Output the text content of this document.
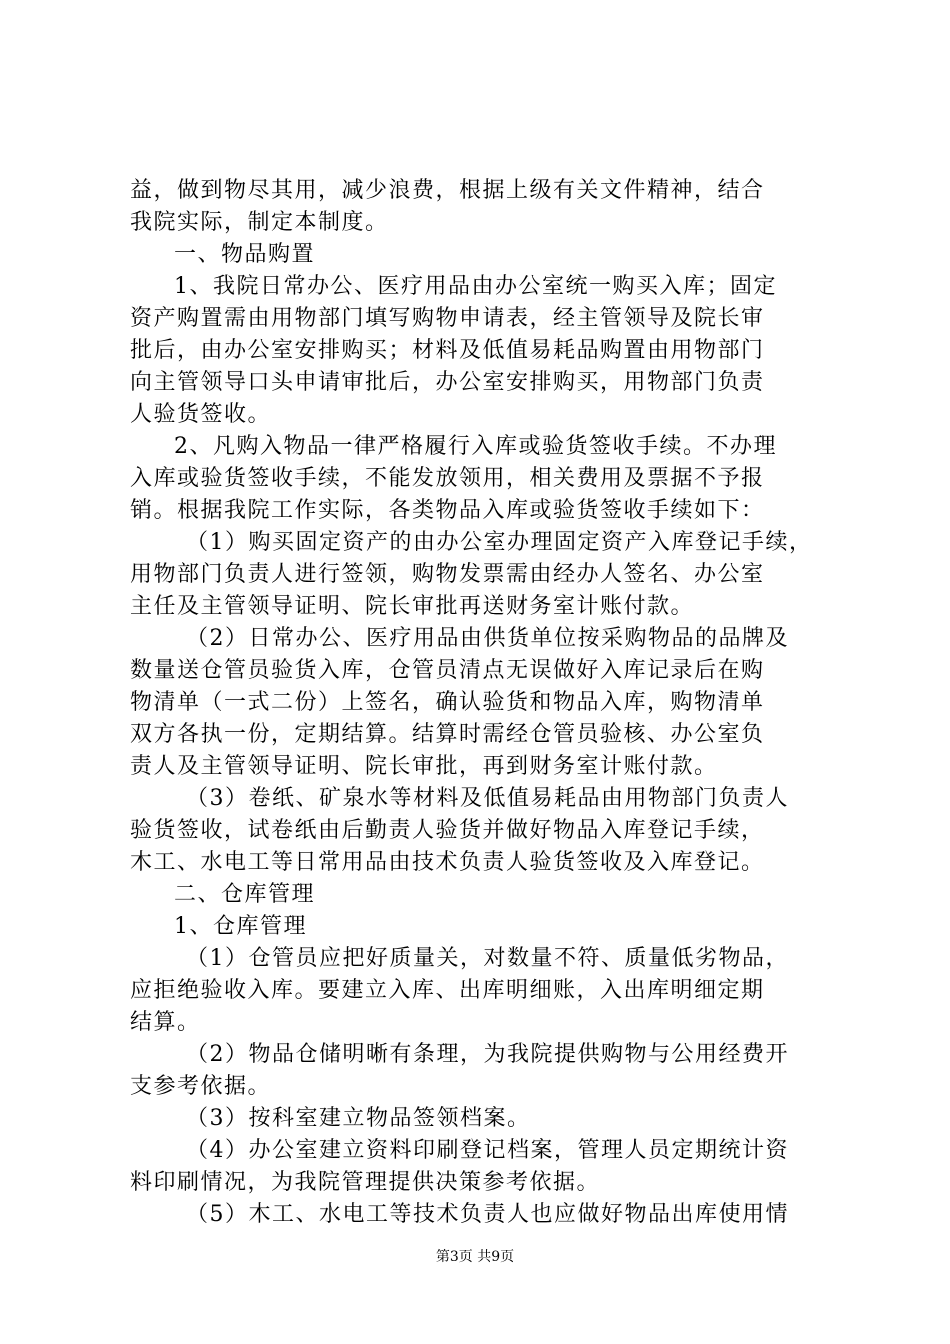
益，做到物尽其用，减少浪费，根据上级有关文件精神，结合
我院实际，制定本制度。
一、物品购置
1、我院日常办公、医疗用品由办公室统一购买入库；固定
资产购置需由用物部门填写购物申请表，经主管领导及院长审
批后，由办公室安排购买；材料及低值易耗品购置由用物部门
向主管领导口头申请审批后，办公室安排购买，用物部门负责
人验货签收。
2、凡购入物品一律严格履行入库或验货签收手续。不办理
入库或验货签收手续，不能发放领用，相关费用及票据不予报
销。根据我院工作实际，各类物品入库或验货签收手续如下：
（1）购买固定资产的由办公室办理固定资产入库登记手续，
用物部门负责人进行签领，购物发票需由经办人签名、办公室
主任及主管领导证明、院长审批再送财务室计账付款。
（2）日常办公、医疗用品由供货单位按采购物品的品牌及
数量送仓管员验货入库，仓管员清点无误做好入库记录后在购
物清单（一式二份）上签名，确认验货和物品入库，购物清单
双方各执一份，定期结算。结算时需经仓管员验核、办公室负
责人及主管领导证明、院长审批，再到财务室计账付款。
（3）卷纸、矿泉水等材料及低值易耗品由用物部门负责人
验货签收，试卷纸由后勤责人验货并做好物品入库登记手续，
木工、水电工等日常用品由技术负责人验货签收及入库登记。
二、仓库管理
1、仓库管理
（1）仓管员应把好质量关，对数量不符、质量低劣物品，
应拒绝验收入库。要建立入库、出库明细账，入出库明细定期
结算。
（2）物品仓储明晰有条理，为我院提供购物与公用经费开
支参考依据。
（3）按科室建立物品签领档案。
（4）办公室建立资料印刷登记档案，管理人员定期统计资
料印刷情况，为我院管理提供决策参考依据。
（5）木工、水电工等技术负责人也应做好物品出库使用情
第3页 共9页
